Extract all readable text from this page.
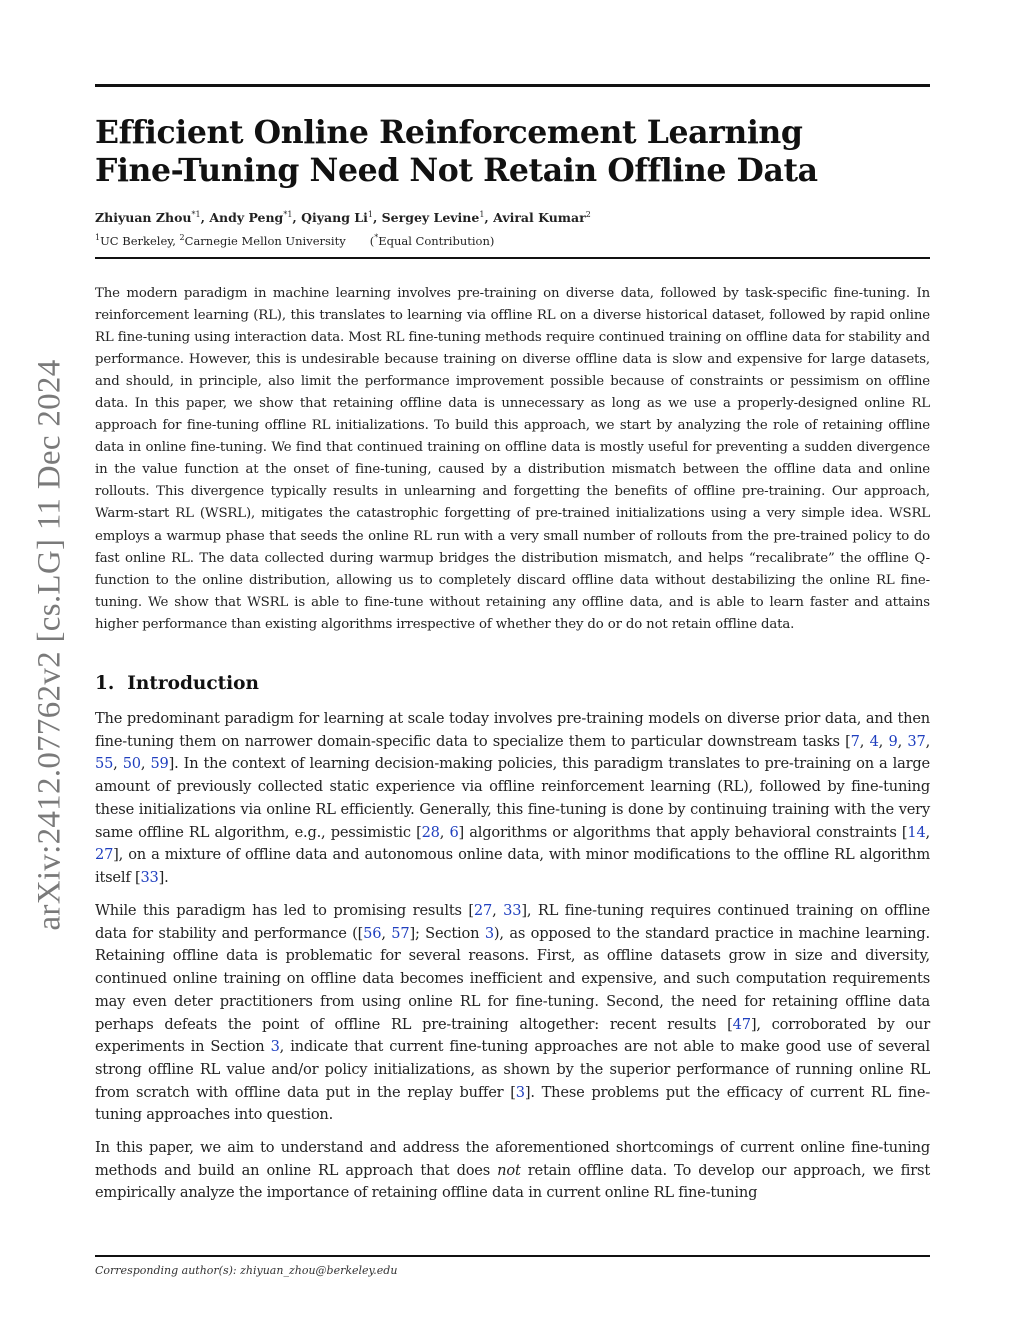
arXiv:2412.07762v2 [cs.LG] 11 Dec 2024
Efficient Online Reinforcement Learning
Fine-Tuning Need Not Retain Offline Data
Zhiyuan Zhou$^{*1}$, Andy Peng$^{*1}$, Qiyang Li$^1$, Sergey Levine$^1$, Aviral Kumar$^2$
$^1$UC Berkeley, $^2$Carnegie Mellon University (*Equal Contribution)

The modern paradigm in machine learning involves pre-training on diverse data, followed by task-specific fine-tuning. In reinforcement learning (RL), this translates to learning via offline RL on a diverse historical dataset, followed by rapid online RL fine-tuning using interaction data. Most RL fine-tuning methods require continued training on offline data for stability and performance. However, this is undesirable because training on diverse offline data is slow and expensive for large datasets, and should, in principle, also limit the performance improvement possible because of constraints or pessimism on offline data. In this paper, we show that retaining offline data is unnecessary as long as we use a properly-designed online RL approach for fine-tuning offline RL initializations. To build this approach, we start by analyzing the role of retaining offline data in online fine-tuning. We find that continued training on offline data is mostly useful for preventing a sudden divergence in the value function at the onset of fine-tuning, caused by a distribution mismatch between the offline data and online rollouts. This divergence typically results in unlearning and forgetting the benefits of offline pre-training. Our approach, Warm-start RL (WSRL), mitigates the catastrophic forgetting of pre-trained initializations using a very simple idea. WSRL employs a warmup phase that seeds the online RL run with a very small number of rollouts from the pre-trained policy to do fast online RL. The data collected during warmup bridges the distribution mismatch, and helps “recalibrate” the offline Q-function to the online distribution, allowing us to completely discard offline data without destabilizing the online RL fine-tuning. We show that WSRL is able to fine-tune without retaining any offline data, and is able to learn faster and attains higher performance than existing algorithms irrespective of whether they do or do not retain offline data.

1. Introduction

The predominant paradigm for learning at scale today involves pre-training models on diverse prior data, and then fine-tuning them on narrower domain-specific data to specialize them to particular downstream tasks [7, 4, 9, 37, 55, 50, 59]. In the context of learning decision-making policies, this paradigm translates to pre-training on a large amount of previously collected static experience via offline reinforcement learning (RL), followed by fine-tuning these initializations via online RL efficiently. Generally, this fine-tuning is done by continuing training with the very same offline RL algorithm, e.g., pessimistic [28, 6] algorithms or algorithms that apply behavioral constraints [14, 27], on a mixture of offline data and autonomous online data, with minor modifications to the offline RL algorithm itself [33].

While this paradigm has led to promising results [27, 33], RL fine-tuning requires continued training on offline data for stability and performance ([56, 57]; Section 3), as opposed to the standard practice in machine learning. Retaining offline data is problematic for several reasons. First, as offline datasets grow in size and diversity, continued online training on offline data becomes inefficient and expensive, and such computation requirements may even deter practitioners from using online RL for fine-tuning. Second, the need for retaining offline data perhaps defeats the point of offline RL pre-training altogether: recent results [47], corroborated by our experiments in Section 3, indicate that current fine-tuning approaches are not able to make good use of several strong offline RL value and/or policy initializations, as shown by the superior performance of running online RL from scratch with offline data put in the replay buffer [3]. These problems put the efficacy of current RL fine-tuning approaches into question.

In this paper, we aim to understand and address the aforementioned shortcomings of current online fine-tuning methods and build an online RL approach that does not retain offline data. To develop our approach, we first empirically analyze the importance of retaining offline data in current online RL fine-tuning

Corresponding author(s): zhiyuan_zhou@berkeley.edu
